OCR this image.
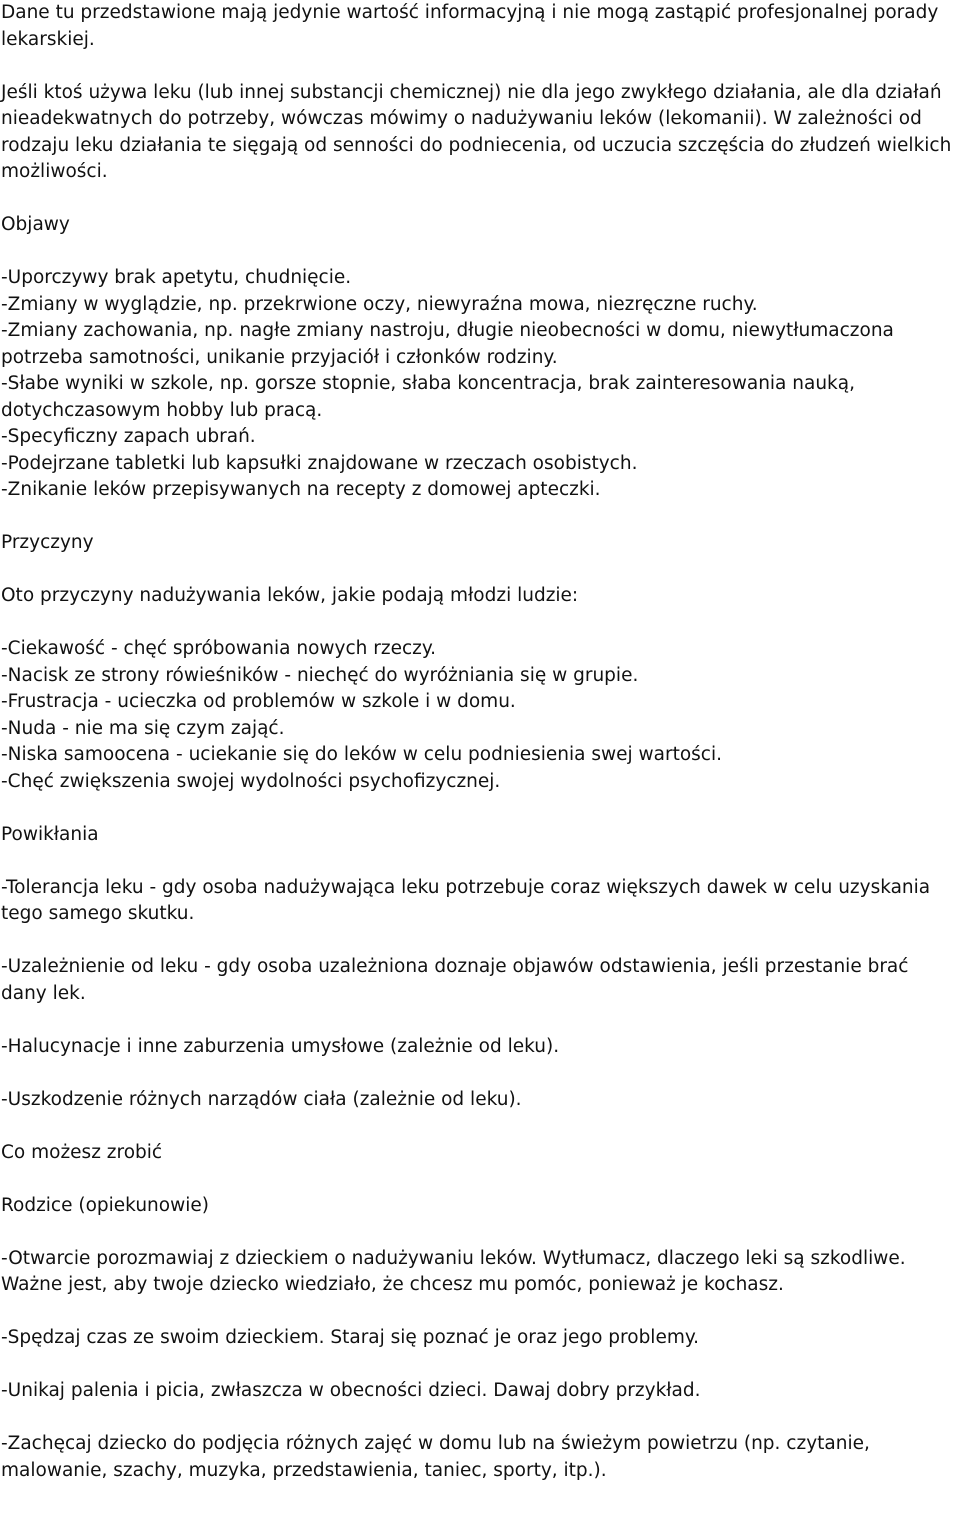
Dane tu przedstawione mają jedynie wartość informacyjną i nie mogą zastąpić profesjonalnej porady lekarskiej.

Jeśli ktoś używa leku (lub innej substancji chemicznej) nie dla jego zwykłego działania, ale dla działań nieadekwatnych do potrzeby, wówczas mówimy o nadużywaniu leków (lekomanii). W zależności od rodzaju leku działania te sięgają od senności do podniecenia, od uczucia szczęścia do złudzeń wielkich możliwości.

Objawy

-Uporczywy brak apetytu, chudnięcie.
-Zmiany w wyglądzie, np. przekrwione oczy, niewyraźna mowa, niezręczne ruchy.
-Zmiany zachowania, np. nagłe zmiany nastroju, długie nieobecności w domu, niewytłumaczona potrzeba samotności, unikanie przyjaciół i członków rodziny.
-Słabe wyniki w szkole, np. gorsze stopnie, słaba koncentracja, brak zainteresowania nauką, dotychczasowym hobby lub pracą.
-Specyficzny zapach ubrań.
-Podejrzane tabletki lub kapsułki znajdowane w rzeczach osobistych.
-Znikanie leków przepisywanych na recepty z domowej apteczki.

Przyczyny

Oto przyczyny nadużywania leków, jakie podają młodzi ludzie:

-Ciekawość - chęć spróbowania nowych rzeczy.
-Nacisk ze strony rówieśników - niechęć do wyróżniania się w grupie.
-Frustracja - ucieczka od problemów w szkole i w domu.
-Nuda - nie ma się czym zająć.
-Niska samoocena - uciekanie się do leków w celu podniesienia swej wartości.
-Chęć zwiększenia swojej wydolności psychofizycznej.

Powikłania

-Tolerancja leku - gdy osoba nadużywająca leku potrzebuje coraz większych dawek w celu uzyskania tego samego skutku.

-Uzależnienie od leku - gdy osoba uzależniona doznaje objawów odstawienia, jeśli przestanie brać dany lek.

-Halucynacje i inne zaburzenia umysłowe (zależnie od leku).

-Uszkodzenie różnych narządów ciała (zależnie od leku).

Co możesz zrobić

Rodzice (opiekunowie)

-Otwarcie porozmawiaj z dzieckiem o nadużywaniu leków. Wytłumacz, dlaczego leki są szkodliwe. Ważne jest, aby twoje dziecko wiedziało, że chcesz mu pomóc, ponieważ je kochasz.

-Spędzaj czas ze swoim dzieckiem. Staraj się poznać je oraz jego problemy.

-Unikaj palenia i picia, zwłaszcza w obecności dzieci. Dawaj dobry przykład.

-Zachęcaj dziecko do podjęcia różnych zajęć w domu lub na świeżym powietrzu (np. czytanie, malowanie, szachy, muzyka, przedstawienia, taniec, sporty, itp.).
